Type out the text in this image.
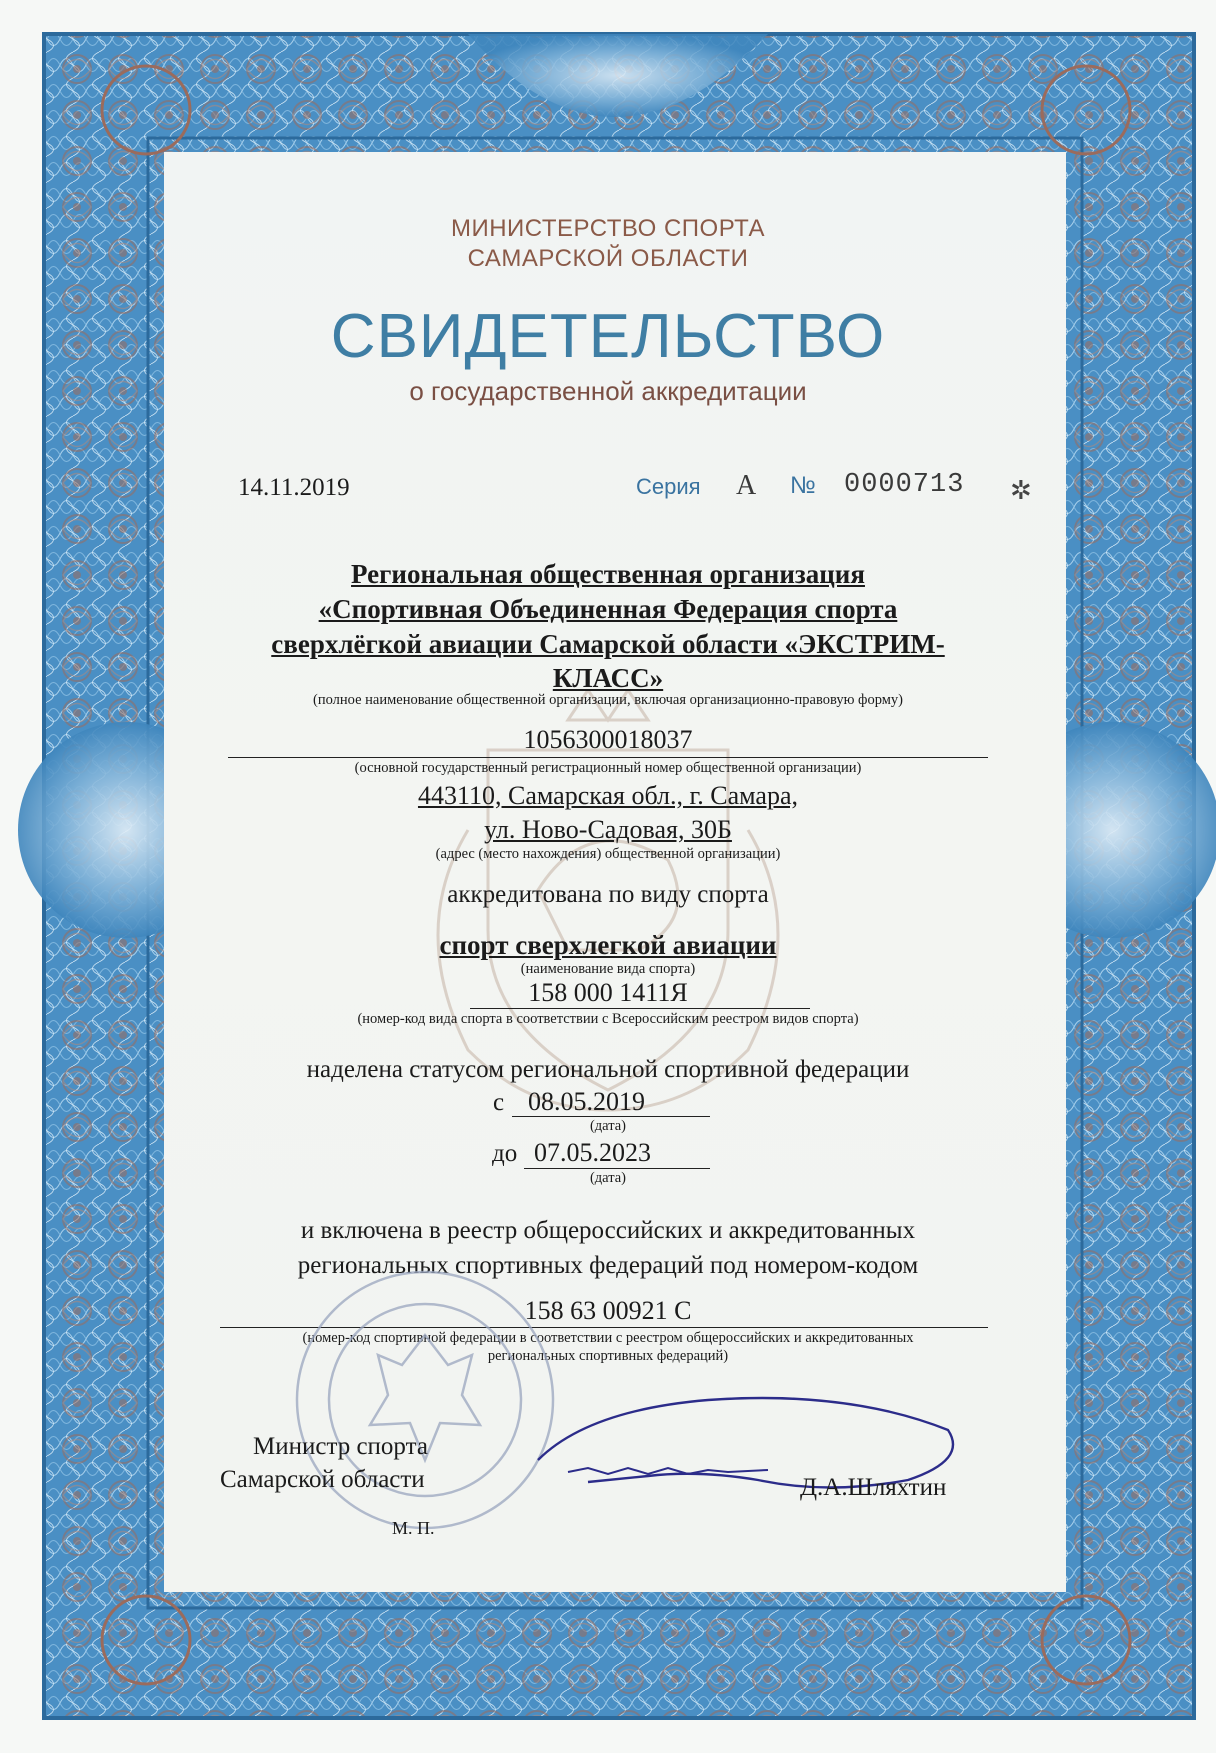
МИНИСТЕРСТВО СПОРТА
САМАРСКОЙ ОБЛАСТИ
СВИДЕТЕЛЬСТВО
о государственной аккредитации
14.11.2019	Серия А № 0000713 ✲
Региональная общественная организация
«Спортивная Объединенная Федерация спорта
сверхлёгкой авиации Самарской области «ЭКСТРИМ-
КЛАСС»
(полное наименование общественной организации, включая организационно-правовую форму)
1056300018037
(основной государственный регистрационный номер общественной организации)
443110, Самарская обл., г. Самара,
ул. Ново-Садовая, 30Б
(адрес (место нахождения) общественной организации)
аккредитована по виду спорта
спорт сверхлегкой авиации
(наименование вида спорта)
158 000 1411Я
(номер-код вида спорта в соответствии с Всероссийским реестром видов спорта)
наделена статусом региональной спортивной федерации
с 08.05.2019
(дата)
до 07.05.2023
(дата)
и включена в реестр общероссийских и аккредитованных
региональных спортивных федераций под номером-кодом
158 63 00921 С
(номер-код спортивной федерации в соответствии с реестром общероссийских и аккредитованных
региональных спортивных федераций)
Министр спорта
Самарской области
М. П.
Д.А.Шляхтин
